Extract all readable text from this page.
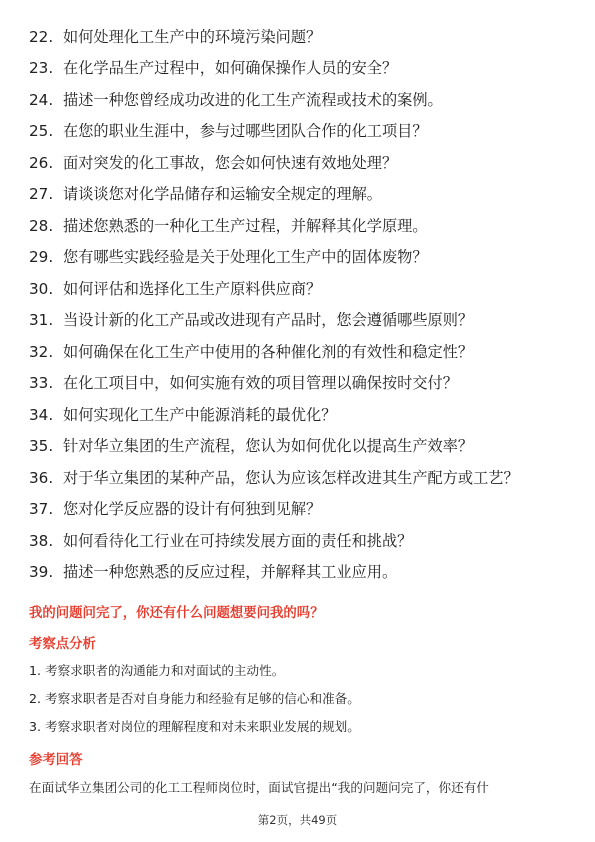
22. 如何处理化工生产中的环境污染问题？
23. 在化学品生产过程中，如何确保操作人员的安全？
24. 描述一种您曾经成功改进的化工生产流程或技术的案例。
25. 在您的职业生涯中，参与过哪些团队合作的化工项目？
26. 面对突发的化工事故，您会如何快速有效地处理？
27. 请谈谈您对化学品储存和运输安全规定的理解。
28. 描述您熟悉的一种化工生产过程，并解释其化学原理。
29. 您有哪些实践经验是关于处理化工生产中的固体废物？
30. 如何评估和选择化工生产原料供应商？
31. 当设计新的化工产品或改进现有产品时，您会遵循哪些原则？
32. 如何确保在化工生产中使用的各种催化剂的有效性和稳定性？
33. 在化工项目中，如何实施有效的项目管理以确保按时交付？
34. 如何实现化工生产中能源消耗的最优化？
35. 针对华立集团的生产流程，您认为如何优化以提高生产效率？
36. 对于华立集团的某种产品，您认为应该怎样改进其生产配方或工艺？
37. 您对化学反应器的设计有何独到见解？
38. 如何看待化工行业在可持续发展方面的责任和挑战？
39. 描述一种您熟悉的反应过程，并解释其工业应用。

我的问题问完了，你还有什么问题想要问我的吗？

考察点分析

1. 考察求职者的沟通能力和对面试的主动性。

2. 考察求职者是否对自身能力和经验有足够的信心和准备。

3. 考察求职者对岗位的理解程度和对未来职业发展的规划。

参考回答

在面试华立集团公司的化工工程师岗位时，面试官提出“我的问题问完了，你还有什

第2页，共49页
